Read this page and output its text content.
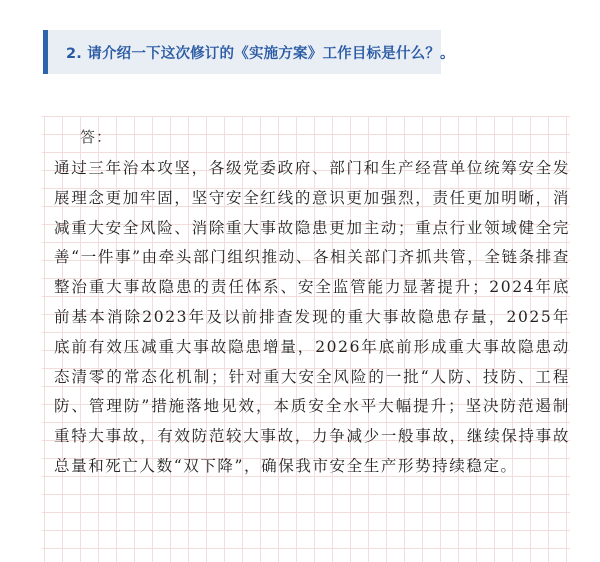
2. 请介绍一下这次修订的《实施方案》工作目标是什么？。
答：

通过三年治本攻坚，各级党委政府、部门和生产经营单位统筹安全发展理念更加牢固，坚守安全红线的意识更加强烈，责任更加明晰，消减重大安全风险、消除重大事故隐患更加主动；重点行业领域健全完善“一件事”由牵头部门组织推动、各相关部门齐抓共管，全链条排查整治重大事故隐患的责任体系、安全监管能力显著提升；2024年底前基本消除2023年及以前排查发现的重大事故隐患存量，2025年底前有效压减重大事故隐患增量，2026年底前形成重大事故隐患动态清零的常态化机制；针对重大安全风险的一批“人防、技防、工程防、管理防”措施落地见效，本质安全水平大幅提升；坚决防范遏制重特大事故，有效防范较大事故，力争减少一般事故，继续保持事故总量和死亡人数“双下降”，确保我市安全生产形势持续稳定。
